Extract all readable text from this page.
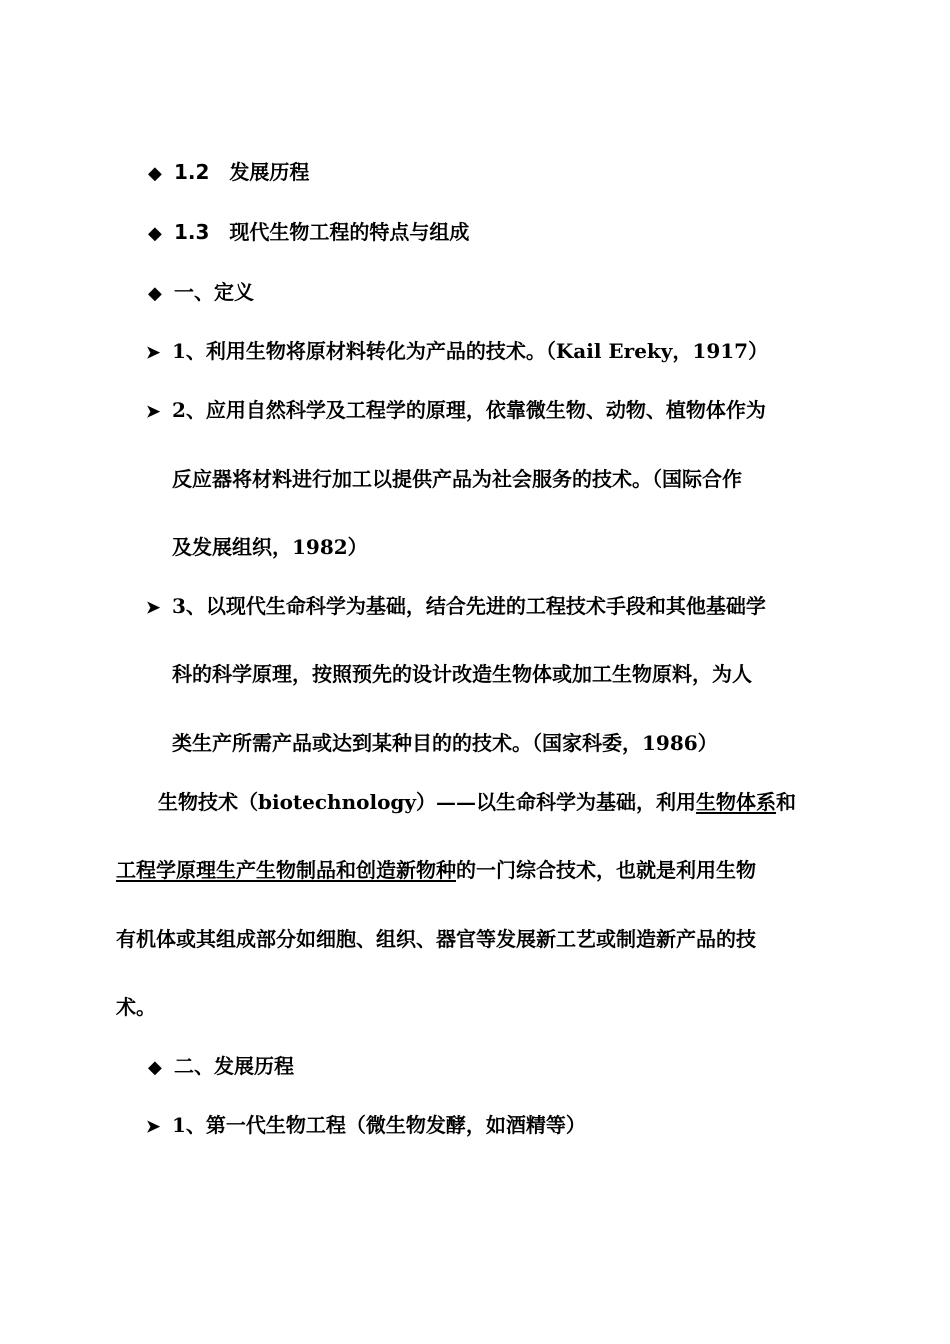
◆ 1.2　发展历程
◆ 1.3　现代生物工程的特点与组成
◆ 一、定义
➤ 1、利用生物将原材料转化为产品的技术。（Kail Ereky，1917）
➤ 2、应用自然科学及工程学的原理，依靠微生物、动物、植物体作为
反应器将材料进行加工以提供产品为社会服务的技术。（国际合作
及发展组织，1982）
➤ 3、以现代生命科学为基础，结合先进的工程技术手段和其他基础学
科的科学原理，按照预先的设计改造生物体或加工生物原料，为人
类生产所需产品或达到某种目的的技术。（国家科委，1986）
生物技术（biotechnology）——以生命科学为基础，利用生物体系和
工程学原理生产生物制品和创造新物种的一门综合技术，也就是利用生物
有机体或其组成部分如细胞、组织、器官等发展新工艺或制造新产品的技
术。
◆ 二、发展历程
➤ 1、第一代生物工程（微生物发酵，如酒精等）
